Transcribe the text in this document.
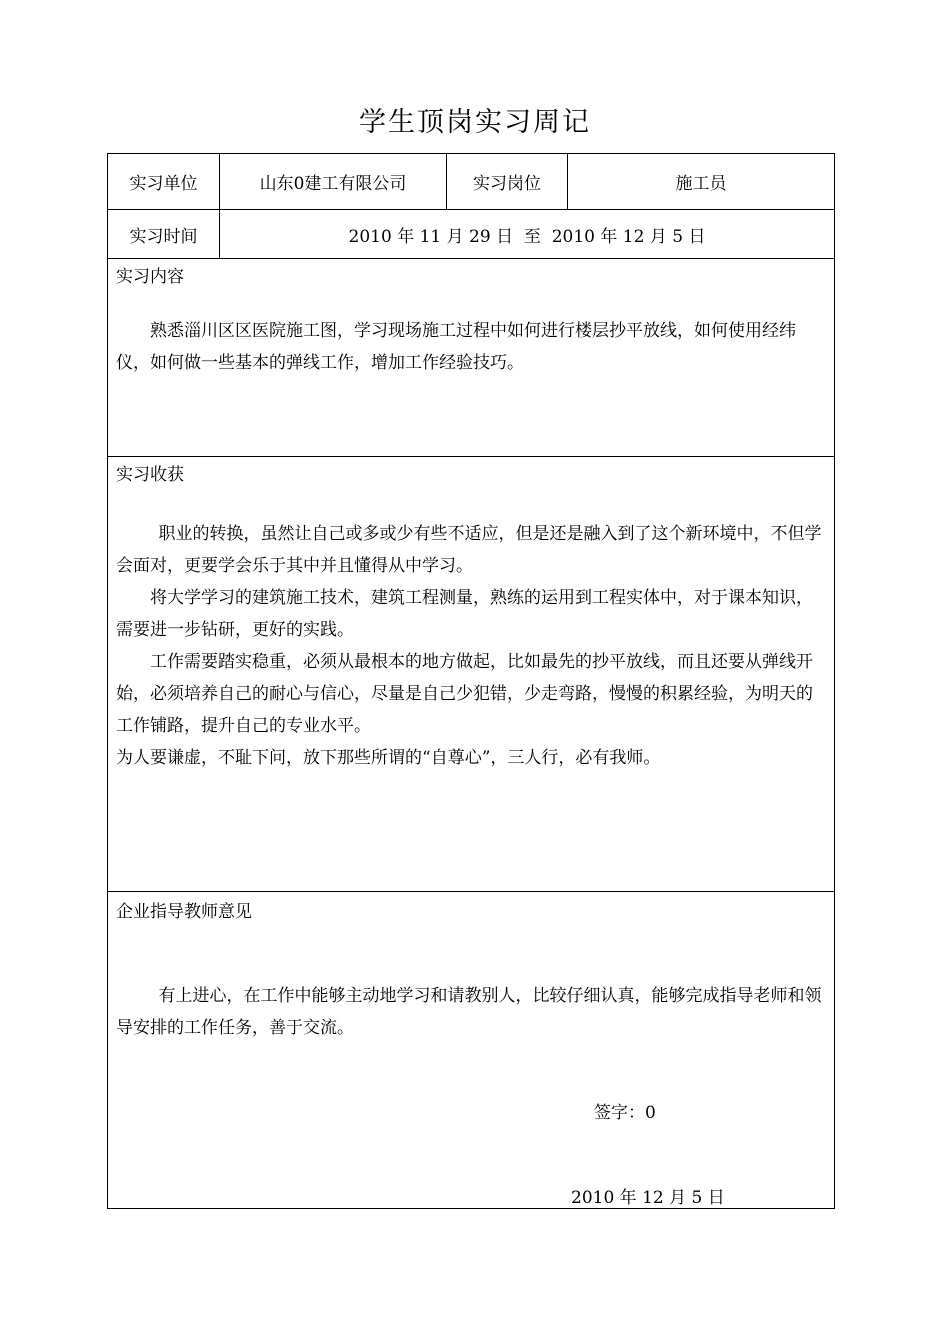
学生顶岗实习周记
实习单位	山东0建工有限公司	实习岗位	施工员
实习时间	2010 年 11 月 29 日  至  2010 年 12 月 5 日
实习内容

熟悉淄川区区医院施工图，学习现场施工过程中如何进行楼层抄平放线，如何使用经纬仪，如何做一些基本的弹线工作，增加工作经验技巧。

实习收获

职业的转换，虽然让自己或多或少有些不适应，但是还是融入到了这个新环境中，不但学会面对，更要学会乐于其中并且懂得从中学习。

将大学学习的建筑施工技术，建筑工程测量，熟练的运用到工程实体中，对于课本知识，需要进一步钻研，更好的实践。

工作需要踏实稳重，必须从最根本的地方做起，比如最先的抄平放线，而且还要从弹线开始，必须培养自己的耐心与信心，尽量是自己少犯错，少走弯路，慢慢的积累经验，为明天的工作铺路，提升自己的专业水平。

为人要谦虚，不耻下问，放下那些所谓的“自尊心”，三人行，必有我师。

企业指导教师意见

有上进心，在工作中能够主动地学习和请教别人，比较仔细认真，能够完成指导老师和领导安排的工作任务，善于交流。

签字：0
2010 年 12 月 5 日
